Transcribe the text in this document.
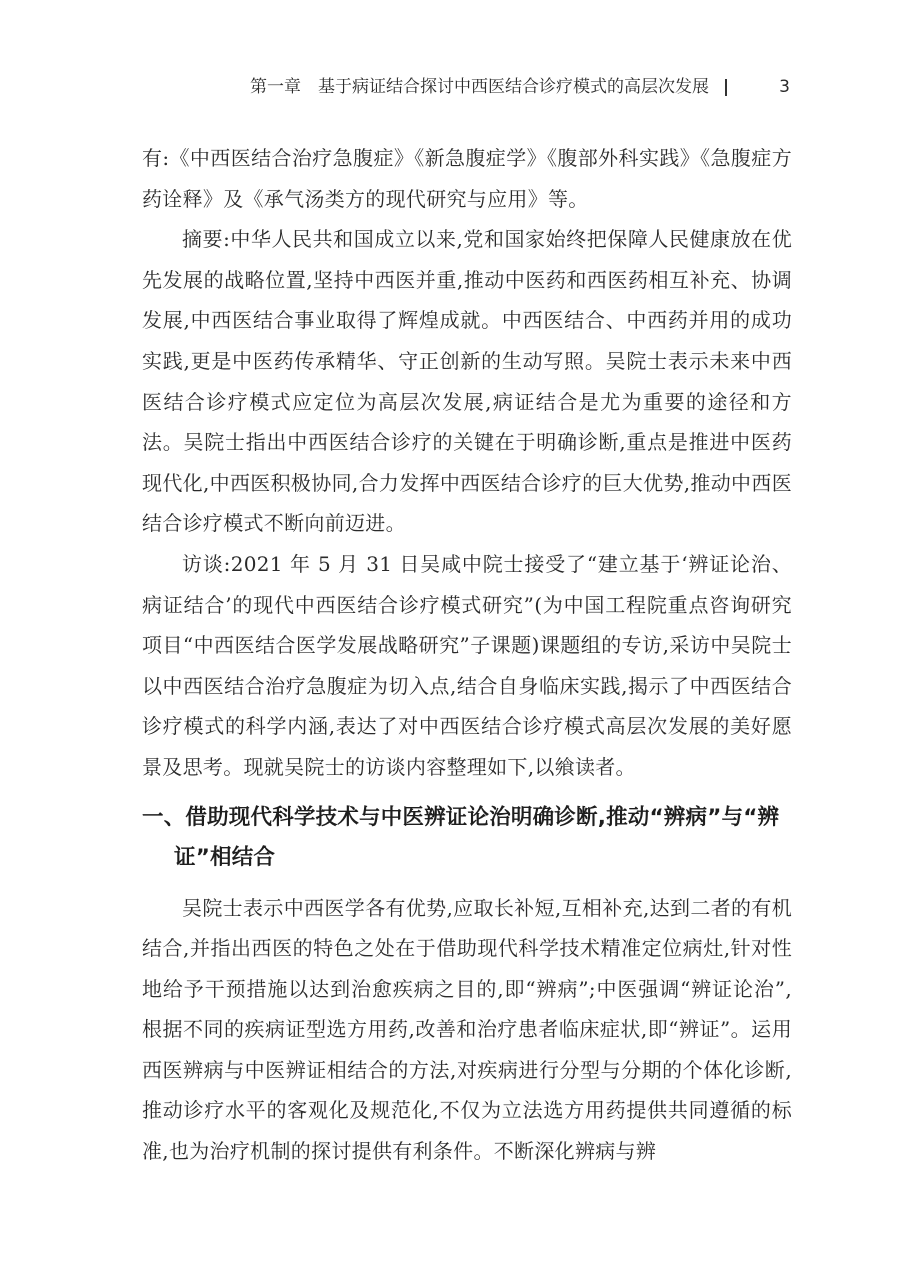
第一章　基于病证结合探讨中西医结合诊疗模式的高层次发展	3

有:《中西医结合治疗急腹症》《新急腹症学》《腹部外科实践》《急腹症方药诠释》及《承气汤类方的现代研究与应用》等。

摘要:中华人民共和国成立以来,党和国家始终把保障人民健康放在优先发展的战略位置,坚持中西医并重,推动中医药和西医药相互补充、协调发展,中西医结合事业取得了辉煌成就。中西医结合、中西药并用的成功实践,更是中医药传承精华、守正创新的生动写照。吴院士表示未来中西医结合诊疗模式应定位为高层次发展,病证结合是尤为重要的途径和方法。吴院士指出中西医结合诊疗的关键在于明确诊断,重点是推进中医药现代化,中西医积极协同,合力发挥中西医结合诊疗的巨大优势,推动中西医结合诊疗模式不断向前迈进。

访谈:2021 年 5 月 31 日吴咸中院士接受了“建立基于‘辨证论治、病证结合’的现代中西医结合诊疗模式研究”(为中国工程院重点咨询研究项目“中西医结合医学发展战略研究”子课题)课题组的专访,采访中吴院士以中西医结合治疗急腹症为切入点,结合自身临床实践,揭示了中西医结合诊疗模式的科学内涵,表达了对中西医结合诊疗模式高层次发展的美好愿景及思考。现就吴院士的访谈内容整理如下,以飨读者。

一、借助现代科学技术与中医辨证论治明确诊断,推动“辨病”与“辨证”相结合

吴院士表示中西医学各有优势,应取长补短,互相补充,达到二者的有机结合,并指出西医的特色之处在于借助现代科学技术精准定位病灶,针对性地给予干预措施以达到治愈疾病之目的,即“辨病”;中医强调“辨证论治”,根据不同的疾病证型选方用药,改善和治疗患者临床症状,即“辨证”。运用西医辨病与中医辨证相结合的方法,对疾病进行分型与分期的个体化诊断,推动诊疗水平的客观化及规范化,不仅为立法选方用药提供共同遵循的标准,也为治疗机制的探讨提供有利条件。不断深化辨病与辨
